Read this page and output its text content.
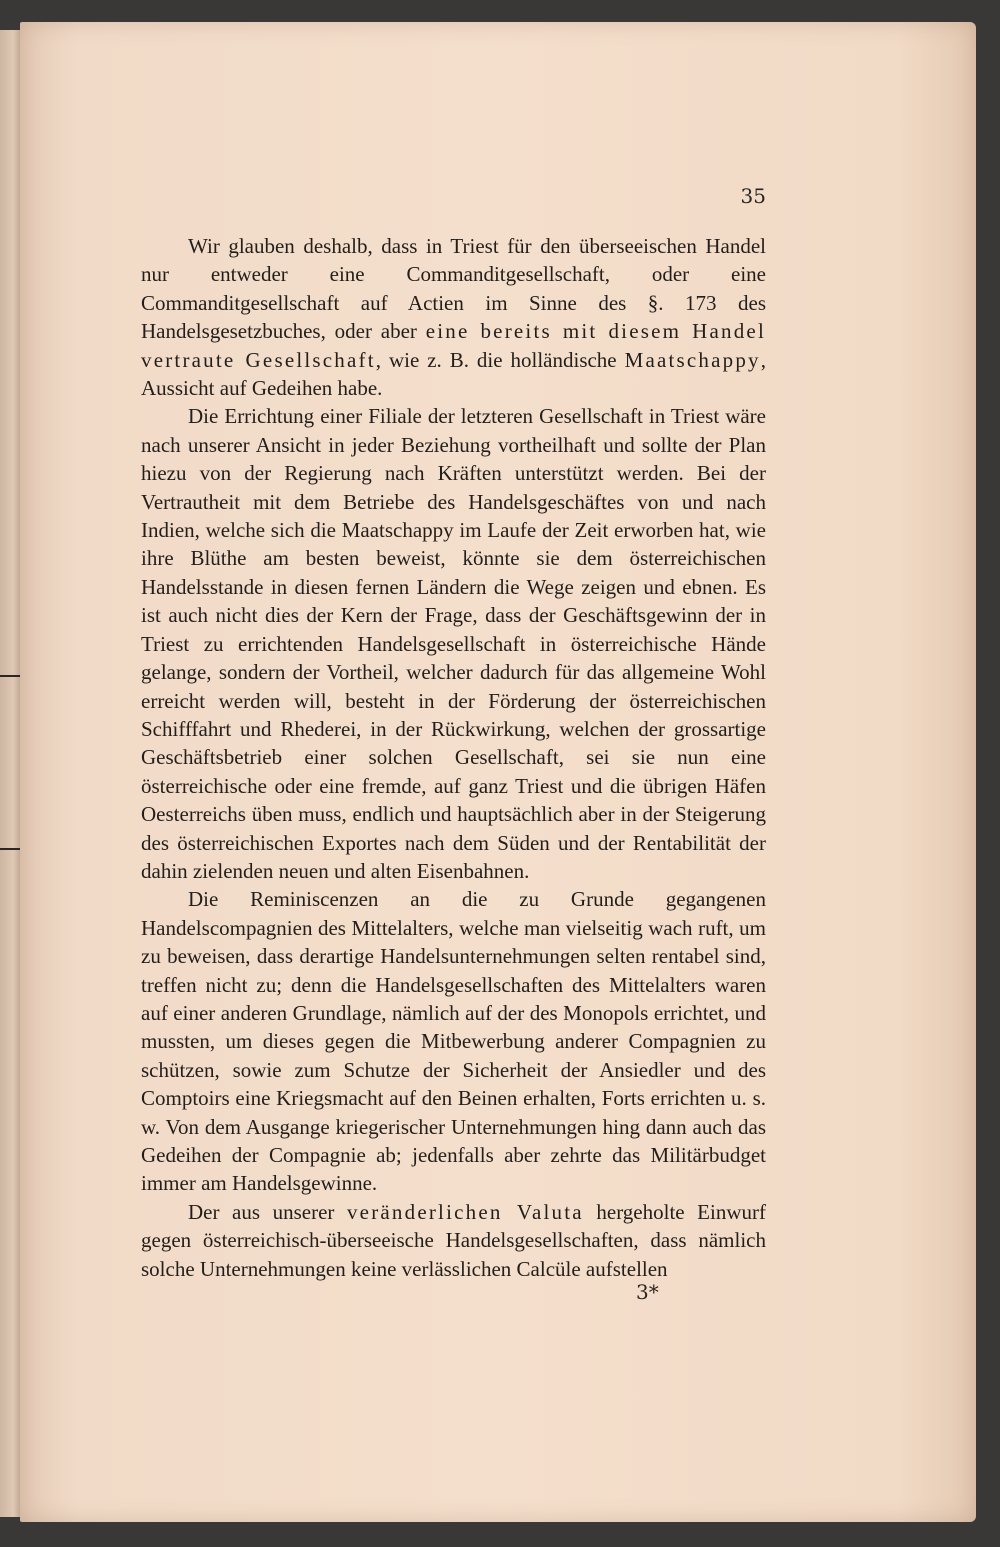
35

Wir glauben deshalb, dass in Triest für den überseeischen Handel nur entweder eine Commanditgesellschaft, oder eine Commanditgesellschaft auf Actien im Sinne des §. 173 des Handelsgesetzbuches, oder aber eine bereits mit diesem Handel vertraute Gesellschaft, wie z. B. die holländische Maatschappy, Aussicht auf Gedeihen habe.

Die Errichtung einer Filiale der letzteren Gesellschaft in Triest wäre nach unserer Ansicht in jeder Beziehung vortheilhaft und sollte der Plan hiezu von der Regierung nach Kräften unterstützt werden. Bei der Vertrautheit mit dem Betriebe des Handelsgeschäftes von und nach Indien, welche sich die Maatschappy im Laufe der Zeit erworben hat, wie ihre Blüthe am besten beweist, könnte sie dem österreichischen Handelsstande in diesen fernen Ländern die Wege zeigen und ebnen. Es ist auch nicht dies der Kern der Frage, dass der Geschäftsgewinn der in Triest zu errichtenden Handelsgesellschaft in österreichische Hände gelange, sondern der Vortheil, welcher dadurch für das allgemeine Wohl erreicht werden will, besteht in der Förderung der österreichischen Schifffahrt und Rhederei, in der Rückwirkung, welchen der grossartige Geschäftsbetrieb einer solchen Gesellschaft, sei sie nun eine österreichische oder eine fremde, auf ganz Triest und die übrigen Häfen Oesterreichs üben muss, endlich und hauptsächlich aber in der Steigerung des österreichischen Exportes nach dem Süden und der Rentabilität der dahin zielenden neuen und alten Eisenbahnen.

Die Reminiscenzen an die zu Grunde gegangenen Handelscompagnien des Mittelalters, welche man vielseitig wach ruft, um zu beweisen, dass derartige Handelsunternehmungen selten rentabel sind, treffen nicht zu; denn die Handelsgesellschaften des Mittelalters waren auf einer anderen Grundlage, nämlich auf der des Monopols errichtet, und mussten, um dieses gegen die Mitbewerbung anderer Compagnien zu schützen, sowie zum Schutze der Sicherheit der Ansiedler und des Comptoirs eine Kriegsmacht auf den Beinen erhalten, Forts errichten u. s. w. Von dem Ausgange kriegerischer Unternehmungen hing dann auch das Gedeihen der Compagnie ab; jedenfalls aber zehrte das Militärbudget immer am Handelsgewinne.

Der aus unserer veränderlichen Valuta hergeholte Einwurf gegen österreichisch-überseeische Handelsgesellschaften, dass nämlich solche Unternehmungen keine verlässlichen Calcüle aufstellen

3*
